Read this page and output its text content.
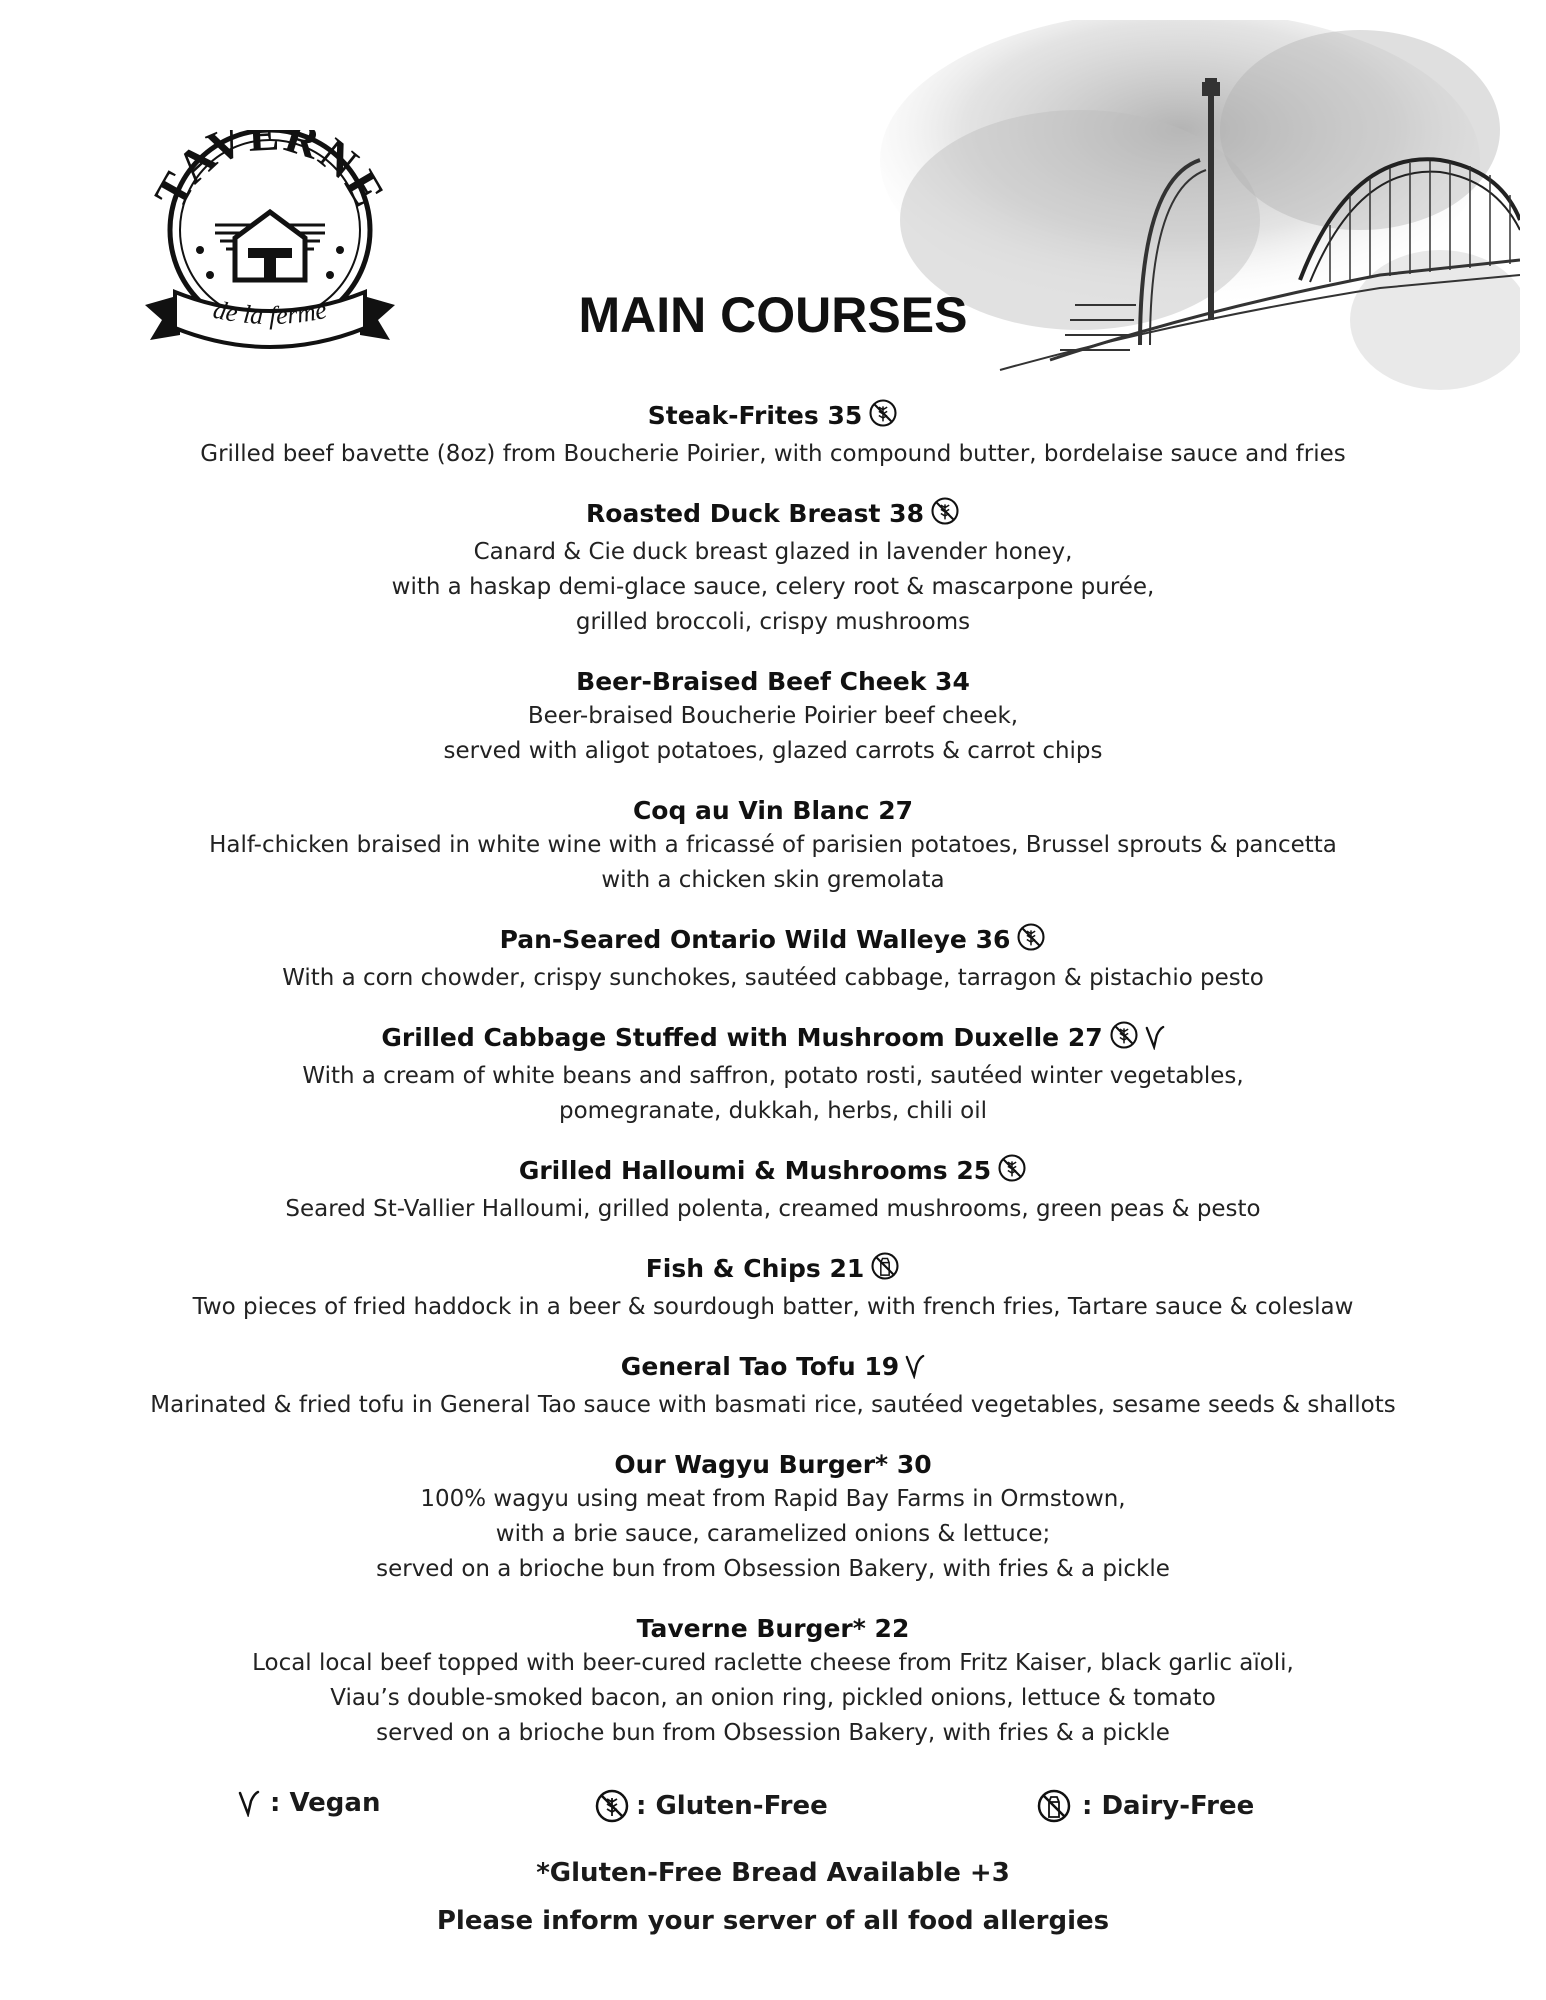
TAVERNE
de la ferme	MAIN COURSES
Steak-Frites 35
Grilled beef bavette (8oz) from Boucherie Poirier, with compound butter, bordelaise sauce and fries
Roasted Duck Breast 38
Canard & Cie duck breast glazed in lavender honey,
with a haskap demi-glace sauce, celery root & mascarpone purée,
grilled broccoli, crispy mushrooms
Beer-Braised Beef Cheek 34
Beer-braised Boucherie Poirier beef cheek,
served with aligot potatoes, glazed carrots & carrot chips
Coq au Vin Blanc 27
Half-chicken braised in white wine with a fricassé of parisien potatoes, Brussel sprouts & pancetta
with a chicken skin gremolata
Pan-Seared Ontario Wild Walleye 36
With a corn chowder, crispy sunchokes, sautéed cabbage, tarragon & pistachio pesto
Grilled Cabbage Stuffed with Mushroom Duxelle 27
With a cream of white beans and saffron, potato rosti, sautéed winter vegetables,
pomegranate, dukkah, herbs, chili oil
Grilled Halloumi & Mushrooms 25
Seared St-Vallier Halloumi, grilled polenta, creamed mushrooms, green peas & pesto
Fish & Chips 21
Two pieces of fried haddock in a beer & sourdough batter, with french fries, Tartare sauce & coleslaw
General Tao Tofu 19
Marinated & fried tofu in General Tao sauce with basmati rice, sautéed vegetables, sesame seeds & shallots
Our Wagyu Burger* 30
100% wagyu using meat from Rapid Bay Farms in Ormstown,
with a brie sauce, caramelized onions & lettuce;
served on a brioche bun from Obsession Bakery, with fries & a pickle
Taverne Burger* 22
Local local beef topped with beer-cured raclette cheese from Fritz Kaiser, black garlic aïoli,
Viau’s double-smoked bacon, an onion ring, pickled onions, lettuce & tomato
served on a brioche bun from Obsession Bakery, with fries & a pickle
: Vegan	: Gluten-Free	: Dairy-Free
*Gluten-Free Bread Available +3
Please inform your server of all food allergies
